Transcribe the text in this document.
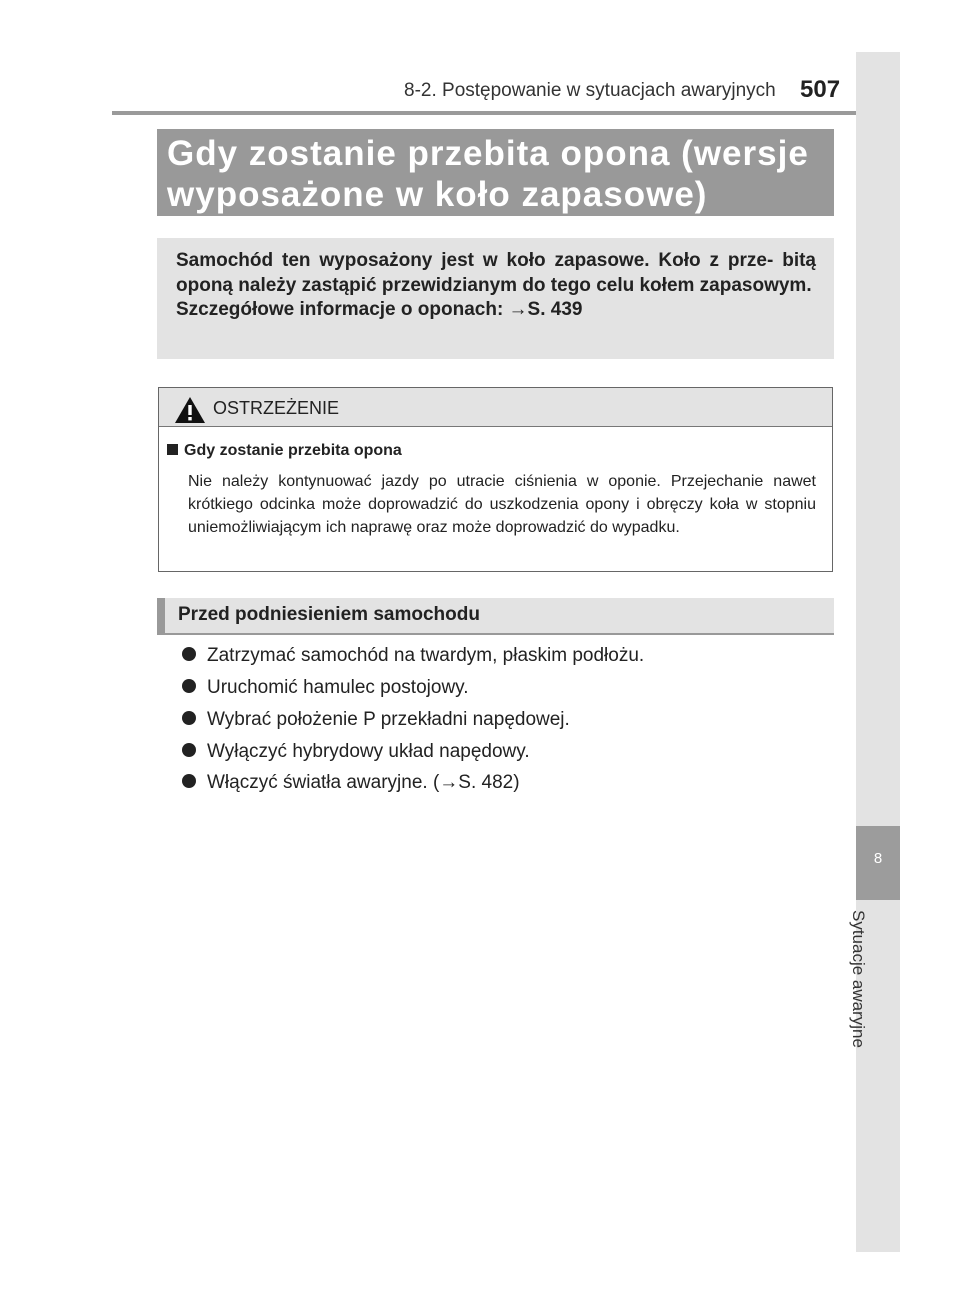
8-2. Postępowanie w sytuacjach awaryjnych 507
8
Sytuacje awaryjne
Gdy zostanie przebita opona (wersje wyposażone w koło zapasowe)
Samochód ten wyposażony jest w koło zapasowe. Koło z prze- bitą oponą należy zastąpić przewidzianym do tego celu kołem zapasowym.
Szczegółowe informacje o oponach: →S. 439
OSTRZEŻENIE
Gdy zostanie przebita opona
Nie należy kontynuować jazdy po utracie ciśnienia w oponie. Przejechanie nawet krótkiego odcinka może doprowadzić do uszkodzenia opony i obręczy koła w stopniu uniemożliwiającym ich naprawę oraz może doprowadzić do wypadku.
Przed podniesieniem samochodu
Zatrzymać samochód na twardym, płaskim podłożu.
Uruchomić hamulec postojowy.
Wybrać położenie P przekładni napędowej.
Wyłączyć hybrydowy układ napędowy.
Włączyć światła awaryjne. (→S. 482)
